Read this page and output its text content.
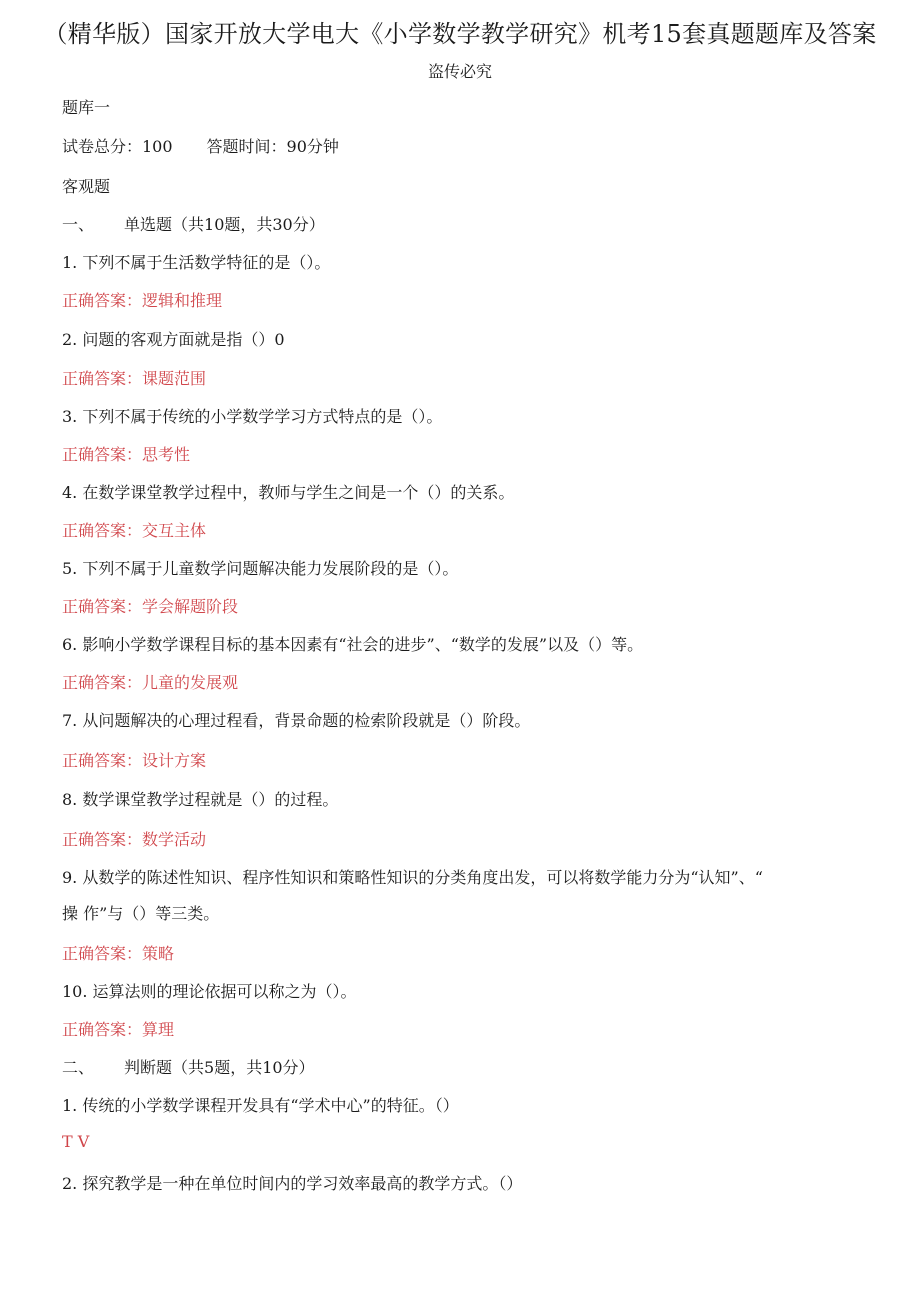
（精华版）国家开放大学电大《小学数学教学研究》机考15套真题题库及答案
盗传必究
题库一
试卷总分：100 答题时间：90分钟
客观题
一、 单选题（共10题，共30分）
1. 下列不属于生活数学特征的是（）。
正确答案：逻辑和推理
2. 问题的客观方面就是指（）0
正确答案：课题范围
3. 下列不属于传统的小学数学学习方式特点的是（）。
正确答案：思考性
4. 在数学课堂教学过程中，教师与学生之间是一个（）的关系。
正确答案：交互主体
5. 下列不属于儿童数学问题解决能力发展阶段的是（）。
正确答案：学会解题阶段
6. 影响小学数学课程目标的基本因素有“社会的进步”、“数学的发展”以及（）等。
正确答案：儿童的发展观
7. 从问题解决的心理过程看，背景命题的检索阶段就是（）阶段。
正确答案：设计方案
8. 数学课堂教学过程就是（）的过程。
正确答案：数学活动
9. 从数学的陈述性知识、程序性知识和策略性知识的分类角度出发，可以将数学能力分为“认知”、“
操 作”与（）等三类。
正确答案：策略
10. 运算法则的理论依据可以称之为（）。
正确答案：算理
二、 判断题（共5题，共10分）
1. 传统的小学数学课程开发具有“学术中心”的特征。（）
T V
2. 探究教学是一种在单位时间内的学习效率最高的教学方式。（）
